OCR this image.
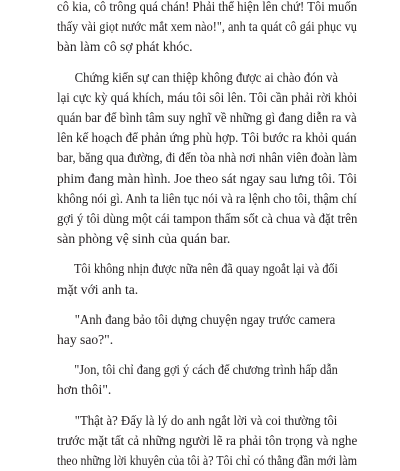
cô kia, cô trông quá chán! Phải thể hiện lên chứ! Tôi muốn
thấy vài giọt nước mắt xem nào!", anh ta quát cô gái phục vụ
bàn làm cô sợ phát khóc.
Chứng kiến sự can thiệp không được ai chào đón và
lại cực kỳ quá khích, máu tôi sôi lên. Tôi cần phải rời khỏi
quán bar để bình tâm suy nghĩ về những gì đang diễn ra và
lên kế hoạch để phản ứng phù hợp. Tôi bước ra khỏi quán
bar, băng qua đường, đi đến tòa nhà nơi nhân viên đoàn làm
phim đang màn hình. Joe theo sát ngay sau lưng tôi. Tôi
không nói gì. Anh ta liên tục nói và ra lệnh cho tôi, thậm chí
gợi ý tôi dùng một cái tampon thấm sốt cà chua và đặt trên
sàn phòng vệ sinh của quán bar.
Tôi không nhịn được nữa nên đã quay ngoắt lại và đối
mặt với anh ta.
"Anh đang bảo tôi dựng chuyện ngay trước camera
hay sao?".
"Jon, tôi chỉ đang gợi ý cách để chương trình hấp dẫn
hơn thôi".
"Thật à? Đấy là lý do anh ngắt lời và coi thường tôi
trước mặt tất cả những người lẽ ra phải tôn trọng và nghe
theo những lời khuyên của tôi à? Tôi chỉ có thằng đần mới làm
